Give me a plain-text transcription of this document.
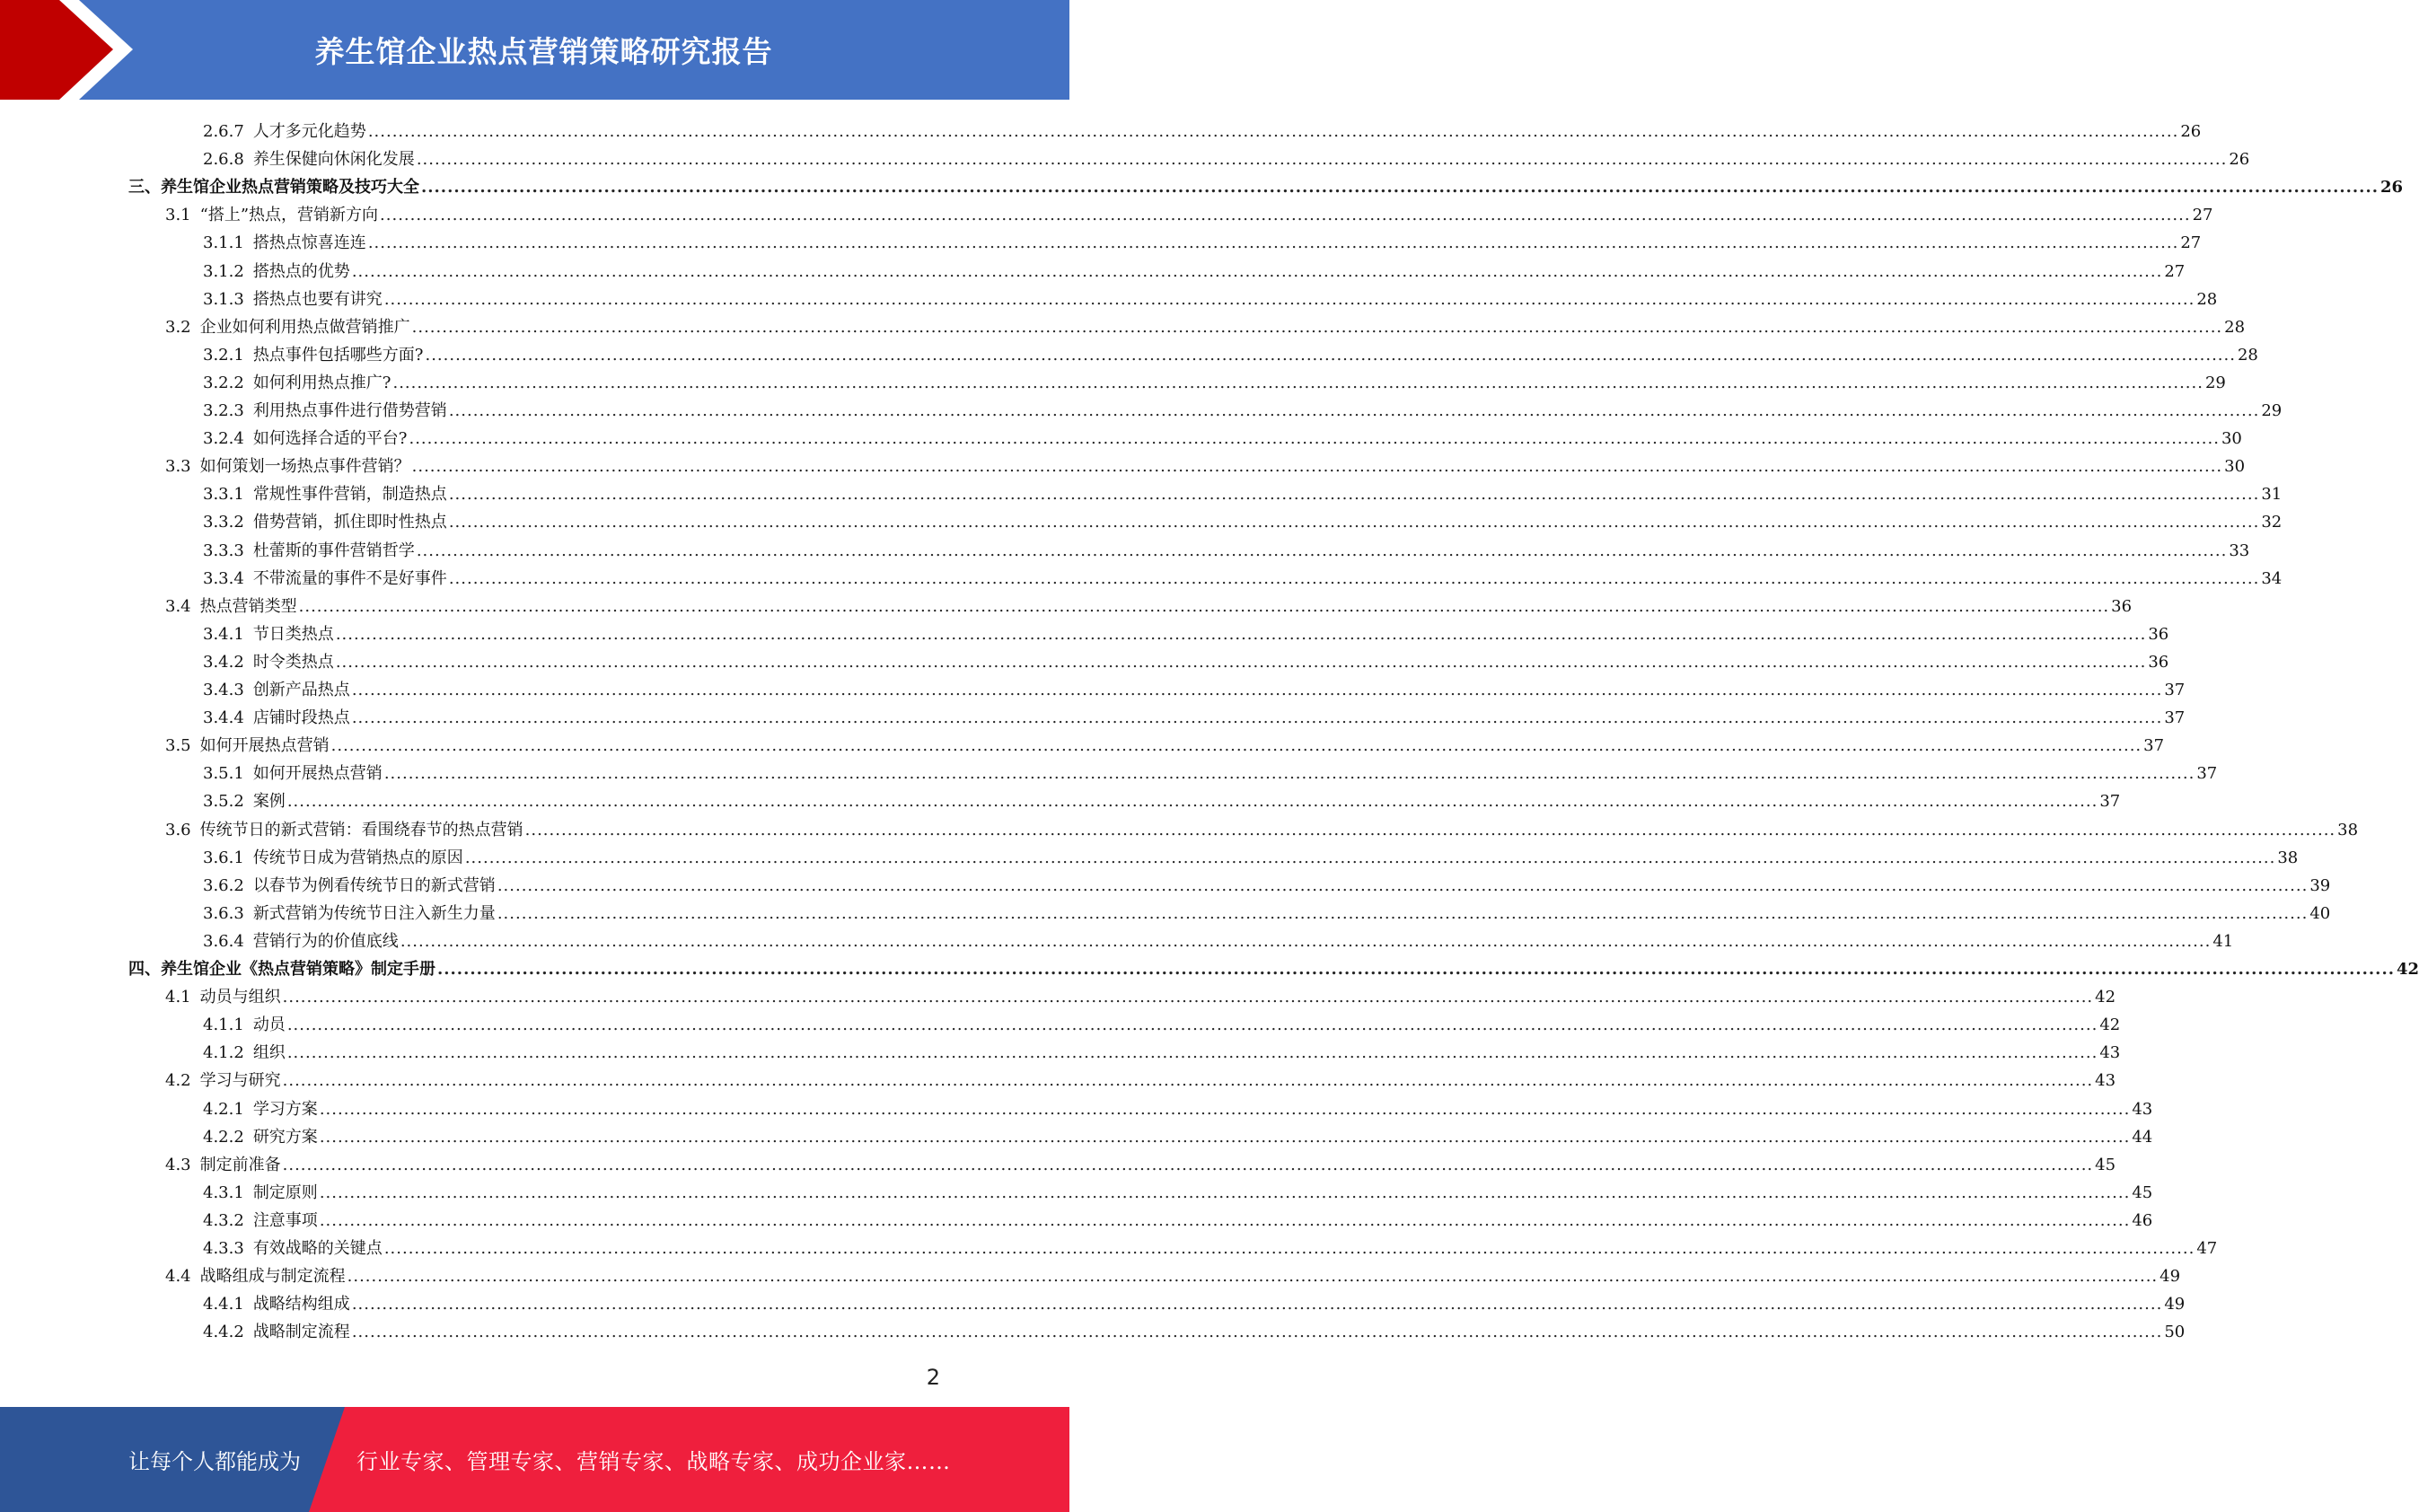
养生馆企业热点营销策略研究报告
2.6.7 人才多元化趋势 ............................................................................................................................................................................................................................................................................................................ 26
2.6.8 养生保健向休闲化发展 ............................................................................................................................................................................................................................................................................................................ 26
三、养生馆企业热点营销策略及技巧大全 ............................................................................................................................................................................................................................................................................................................ 26
3.1 “搭上”热点，营销新方向 ............................................................................................................................................................................................................................................................................................................ 27
3.1.1 搭热点惊喜连连 ............................................................................................................................................................................................................................................................................................................ 27
3.1.2 搭热点的优势 ............................................................................................................................................................................................................................................................................................................ 27
3.1.3 搭热点也要有讲究 ............................................................................................................................................................................................................................................................................................................ 28
3.2 企业如何利用热点做营销推广 ............................................................................................................................................................................................................................................................................................................ 28
3.2.1 热点事件包括哪些方面? ............................................................................................................................................................................................................................................................................................................ 28
3.2.2 如何利用热点推广? ............................................................................................................................................................................................................................................................................................................ 29
3.2.3 利用热点事件进行借势营销 ............................................................................................................................................................................................................................................................................................................ 29
3.2.4 如何选择合适的平台? ............................................................................................................................................................................................................................................................................................................ 30
3.3 如何策划一场热点事件营销？ ............................................................................................................................................................................................................................................................................................................ 30
3.3.1 常规性事件营销，制造热点 ............................................................................................................................................................................................................................................................................................................ 31
3.3.2 借势营销，抓住即时性热点 ............................................................................................................................................................................................................................................................................................................ 32
3.3.3 杜蕾斯的事件营销哲学 ............................................................................................................................................................................................................................................................................................................ 33
3.3.4 不带流量的事件不是好事件 ............................................................................................................................................................................................................................................................................................................ 34
3.4 热点营销类型 ............................................................................................................................................................................................................................................................................................................ 36
3.4.1 节日类热点 ............................................................................................................................................................................................................................................................................................................ 36
3.4.2 时令类热点 ............................................................................................................................................................................................................................................................................................................ 36
3.4.3 创新产品热点 ............................................................................................................................................................................................................................................................................................................ 37
3.4.4 店铺时段热点 ............................................................................................................................................................................................................................................................................................................ 37
3.5 如何开展热点营销 ............................................................................................................................................................................................................................................................................................................ 37
3.5.1 如何开展热点营销 ............................................................................................................................................................................................................................................................................................................ 37
3.5.2 案例 ............................................................................................................................................................................................................................................................................................................ 37
3.6 传统节日的新式营销：看围绕春节的热点营销 ............................................................................................................................................................................................................................................................................................................ 38
3.6.1 传统节日成为营销热点的原因 ............................................................................................................................................................................................................................................................................................................ 38
3.6.2 以春节为例看传统节日的新式营销 ............................................................................................................................................................................................................................................................................................................ 39
3.6.3 新式营销为传统节日注入新生力量 ............................................................................................................................................................................................................................................................................................................ 40
3.6.4 营销行为的价值底线 ............................................................................................................................................................................................................................................................................................................ 41
四、养生馆企业《热点营销策略》制定手册 ............................................................................................................................................................................................................................................................................................................ 42
4.1 动员与组织 ............................................................................................................................................................................................................................................................................................................ 42
4.1.1 动员 ............................................................................................................................................................................................................................................................................................................ 42
4.1.2 组织 ............................................................................................................................................................................................................................................................................................................ 43
4.2 学习与研究 ............................................................................................................................................................................................................................................................................................................ 43
4.2.1 学习方案 ............................................................................................................................................................................................................................................................................................................ 43
4.2.2 研究方案 ............................................................................................................................................................................................................................................................................................................ 44
4.3 制定前准备 ............................................................................................................................................................................................................................................................................................................ 45
4.3.1 制定原则 ............................................................................................................................................................................................................................................................................................................ 45
4.3.2 注意事项 ............................................................................................................................................................................................................................................................................................................ 46
4.3.3 有效战略的关键点 ............................................................................................................................................................................................................................................................................................................ 47
4.4 战略组成与制定流程 ............................................................................................................................................................................................................................................................................................................ 49
4.4.1 战略结构组成 ............................................................................................................................................................................................................................................................................................................ 49
4.4.2 战略制定流程 ............................................................................................................................................................................................................................................................................................................ 50
2
让每个人都能成为	行业专家、管理专家、营销专家、战略专家、成功企业家……
